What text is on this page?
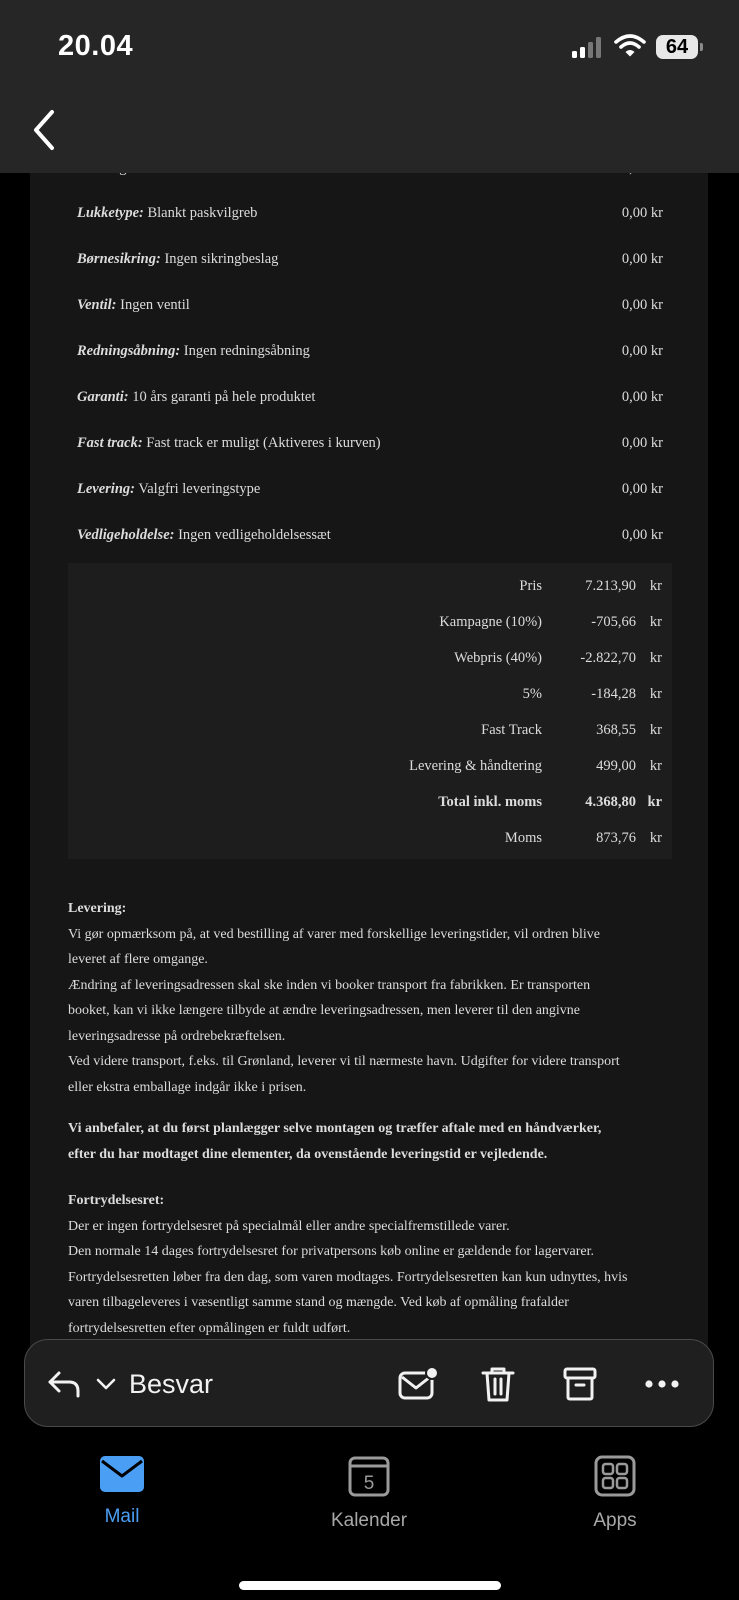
20.04	64
Lukketype: Blankt paskvilgreb	0,00 kr
Børnesikring: Ingen sikringbeslag	0,00 kr
Ventil: Ingen ventil	0,00 kr
Redningsåbning: Ingen redningsåbning	0,00 kr
Garanti: 10 års garanti på hele produktet	0,00 kr
Fast track: Fast track er muligt (Aktiveres i kurven)	0,00 kr
Levering: Valgfri leveringstype	0,00 kr
Vedligeholdelse: Ingen vedligeholdelsessæt	0,00 kr
Pris	7.213,90 kr
Kampagne (10%)	-705,66 kr
Webpris (40%)	-2.822,70 kr
5%	-184,28 kr
Fast Track	368,55 kr
Levering & håndtering	499,00 kr
Total inkl. moms	4.368,80 kr
Moms	873,76 kr

Levering:

Vi gør opmærksom på, at ved bestilling af varer med forskellige leveringstider, vil ordren blive

leveret af flere omgange.

Ændring af leveringsadressen skal ske inden vi booker transport fra fabrikken. Er transporten

booket, kan vi ikke længere tilbyde at ændre leveringsadressen, men leverer til den angivne

leveringsadresse på ordrebekræftelsen.

Ved videre transport, f.eks. til Grønland, leverer vi til nærmeste havn. Udgifter for videre transport

eller ekstra emballage indgår ikke i prisen.

Vi anbefaler, at du først planlægger selve montagen og træffer aftale med en håndværker,

efter du har modtaget dine elementer, da ovenstående leveringstid er vejledende.

Fortrydelsesret:

Der er ingen fortrydelsesret på specialmål eller andre specialfremstillede varer.

Den normale 14 dages fortrydelsesret for privatpersons køb online er gældende for lagervarer.

Fortrydelsesretten løber fra den dag, som varen modtages. Fortrydelsesretten kan kun udnyttes, hvis

varen tilbageleveres i væsentligt samme stand og mængde. Ved køb af opmåling frafalder

fortrydelsesretten efter opmålingen er fuldt udført.

Besvar
Mail
5
Kalender	Apps
